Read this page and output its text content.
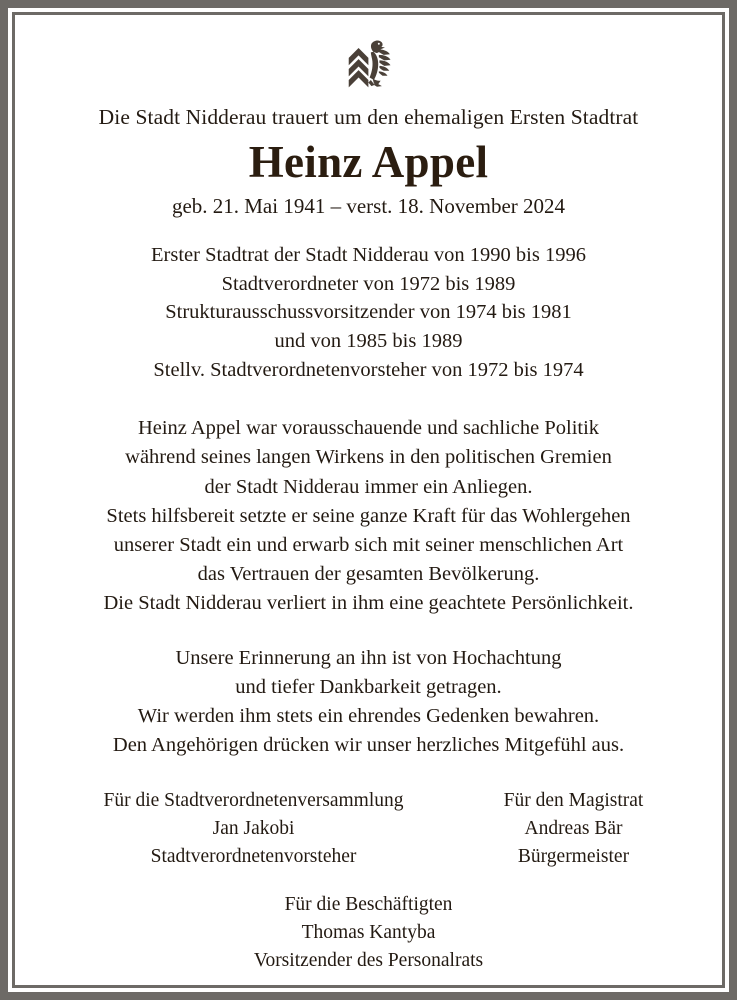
Die Stadt Nidderau trauert um den ehemaligen Ersten Stadtrat
Heinz Appel
geb. 21. Mai 1941 – verst. 18. November 2024
Erster Stadtrat der Stadt Nidderau von 1990 bis 1996
Stadtverordneter von 1972 bis 1989
Strukturausschussvorsitzender von 1974 bis 1981
und von 1985 bis 1989
Stellv. Stadtverordnetenvorsteher von 1972 bis 1974
Heinz Appel war vorausschauende und sachliche Politik
während seines langen Wirkens in den politischen Gremien
der Stadt Nidderau immer ein Anliegen.
Stets hilfsbereit setzte er seine ganze Kraft für das Wohlergehen
unserer Stadt ein und erwarb sich mit seiner menschlichen Art
das Vertrauen der gesamten Bevölkerung.
Die Stadt Nidderau verliert in ihm eine geachtete Persönlichkeit.
Unsere Erinnerung an ihn ist von Hochachtung
und tiefer Dankbarkeit getragen.
Wir werden ihm stets ein ehrendes Gedenken bewahren.
Den Angehörigen drücken wir unser herzliches Mitgefühl aus.
Für die Stadtverordnetenversammlung
Jan Jakobi
Stadtverordnetenvorsteher
Für den Magistrat
Andreas Bär
Bürgermeister
Für die Beschäftigten
Thomas Kantyba
Vorsitzender des Personalrats
